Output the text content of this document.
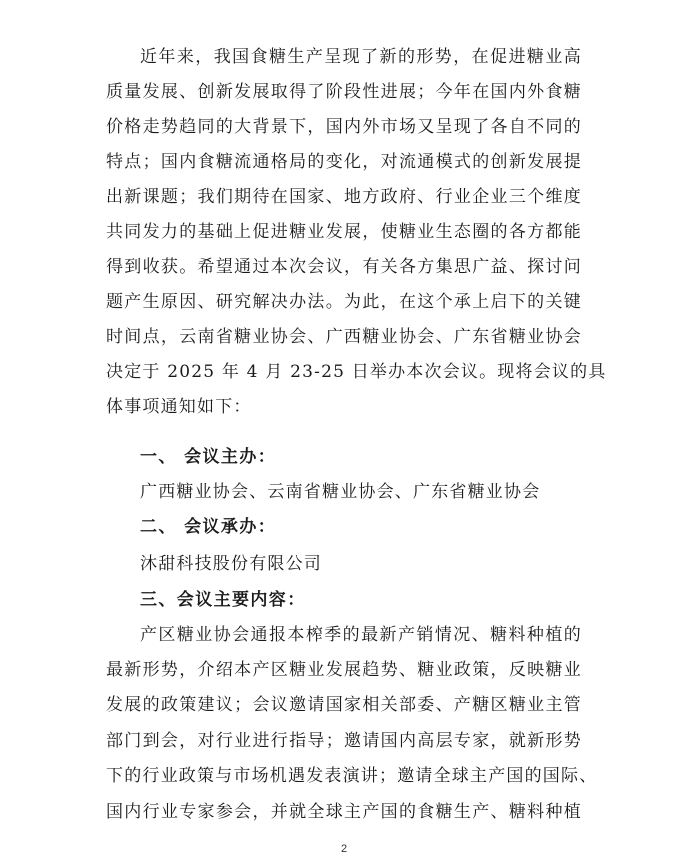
近年来，我国食糖生产呈现了新的形势，在促进糖业高
质量发展、创新发展取得了阶段性进展；今年在国内外食糖
价格走势趋同的大背景下，国内外市场又呈现了各自不同的
特点；国内食糖流通格局的变化，对流通模式的创新发展提
出新课题；我们期待在国家、地方政府、行业企业三个维度
共同发力的基础上促进糖业发展，使糖业生态圈的各方都能
得到收获。希望通过本次会议，有关各方集思广益、探讨问
题产生原因、研究解决办法。为此，在这个承上启下的关键
时间点，云南省糖业协会、广西糖业协会、广东省糖业协会
决定于 2025 年 4 月 23-25 日举办本次会议。现将会议的具
体事项通知如下：
一、 会议主办：
广西糖业协会、云南省糖业协会、广东省糖业协会
二、 会议承办：
沐甜科技股份有限公司
三、会议主要内容：
产区糖业协会通报本榨季的最新产销情况、糖料种植的
最新形势，介绍本产区糖业发展趋势、糖业政策，反映糖业
发展的政策建议；会议邀请国家相关部委、产糖区糖业主管
部门到会，对行业进行指导；邀请国内高层专家，就新形势
下的行业政策与市场机遇发表演讲；邀请全球主产国的国际、
国内行业专家参会，并就全球主产国的食糖生产、糖料种植
2
